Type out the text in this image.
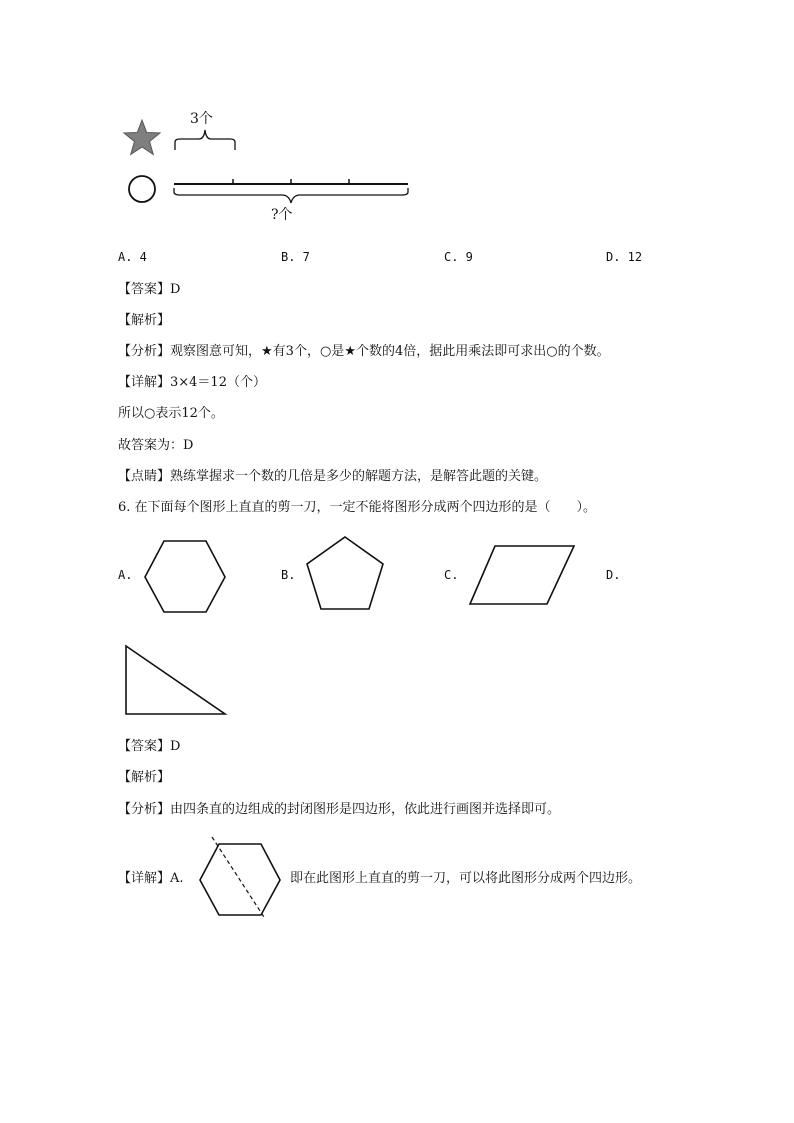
3个
?个
A. 4	B. 7	C. 9	D. 12
【答案】D
【解析】
【分析】观察图意可知，★有3个，○是★个数的4倍，据此用乘法即可求出○的个数。
【详解】3×4＝12（个）
所以○表示12个。
故答案为：D
【点睛】熟练掌握求一个数的几倍是多少的解题方法，是解答此题的关键。
6. 在下面每个图形上直直的剪一刀，一定不能将图形分成两个四边形的是（　　）。
A.	B.	C.	D.
【答案】D
【解析】
【分析】由四条直的边组成的封闭图形是四边形，依此进行画图并选择即可。
【详解】A.	即在此图形上直直的剪一刀，可以将此图形分成两个四边形。
